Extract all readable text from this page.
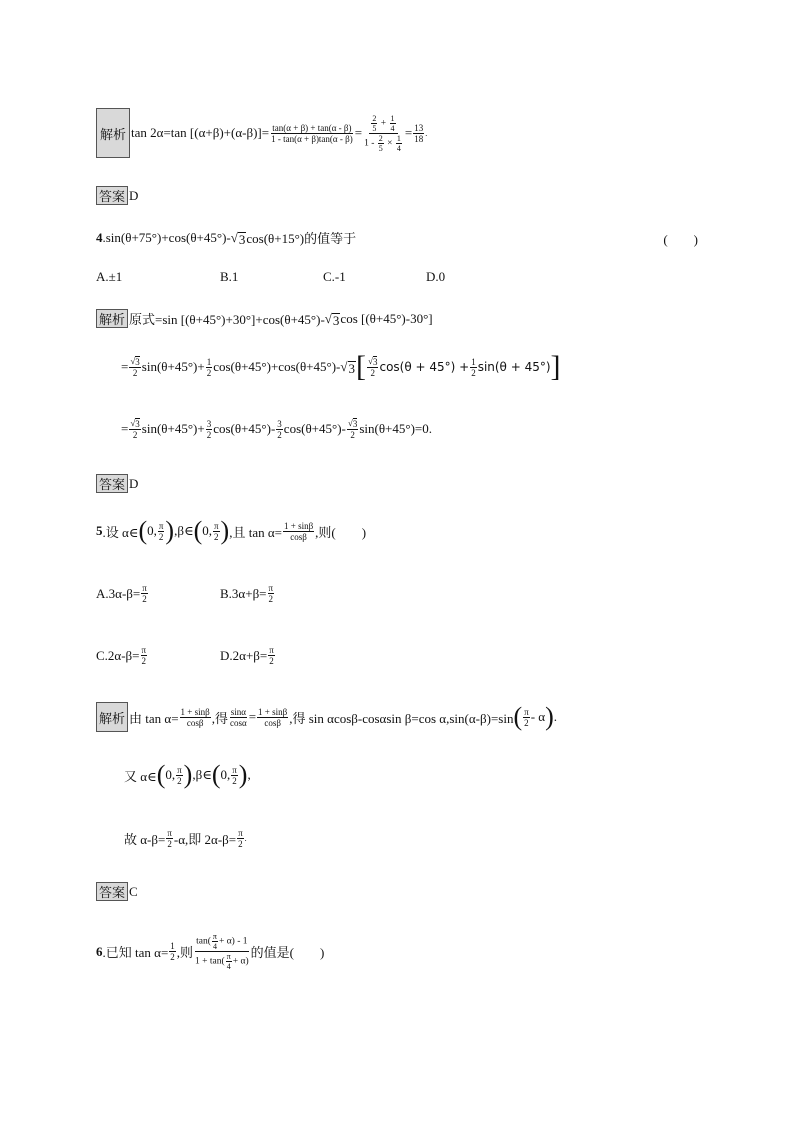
解析 tan 2α=tan $[(\alpha+\beta)+(\alpha-\beta)]= \frac{\tan(\alpha + \beta) + \tan(\alpha - \beta)}{1 - \tan(\alpha + \beta)\tan(\alpha - \beta)} = \frac{\frac{2}{5} + \frac{1}{4}}{1 - \frac{2}{5} \times \frac{1}{4}} = \frac{13}{18}$ .
答案 D
4 .sin(θ+75°)+cos(θ+45°)- √ 3 cos(θ+15°)的值等于	(　　)
A.±1	B.1	C.-1	D.0
解析 原式=sin [(θ+45°)+30°]+cos(θ+45°)- √ 3 cos [(θ+45°)-30°]
= $\frac{√ 3}{2} \sin(\theta+45^\circ)+ \frac{1}{2} \cos(\theta+45^\circ)+\cos(\theta+45^\circ)-$ √ 3 [ $\frac{√ 3}{2} \cos(\theta + 45^\circ) + \frac{1}{2} \sin(\theta + 45^\circ)$ ]
= $\frac{√ 3}{2} \sin(\theta+45^\circ)+ \frac{3}{2} \cos(\theta+45^\circ)- \frac{3}{2} \cos(\theta+45^\circ)- \frac{√ 3}{2} \sin(\theta+45^\circ)=0$.
答案 D
5 .设 α∈ ( 0, $\frac{\pi}{2}$ ) ,β∈ ( 0, $\frac{\pi}{2}$ ) ,且 $\tan \alpha= \frac{1 + \sin\beta}{\cos\beta}$ ,则(　　)
$A.3\alpha-\beta= \frac{\pi}{2}$	$B.3\alpha+\beta= \frac{\pi}{2}$
$C.2\alpha-\beta= \frac{\pi}{2}$	$D.2\alpha+\beta= \frac{\pi}{2}$
解析 由 $\tan \alpha= \frac{1 + \sin\beta}{\cos\beta}$ ,得 $\frac{\sin\alpha}{\cos\alpha} = \frac{1 + \sin\beta}{\cos\beta}$ ,得 sin αcosβ-cosαsin β=cos α,sin(α-β)=sin ( $\frac{\pi}{2}$ - α ) .
又 α∈ ( 0, $\frac{\pi}{2}$ ) ,β∈ ( 0, $\frac{\pi}{2}$ ) ,
故 $\alpha-\beta= \frac{\pi}{2} -\alpha$,即 $2\alpha-\beta= \frac{\pi}{2}$ .
答案 C
6 .已知 $\tan \alpha= \frac{1}{2}$ ,则 $\frac{\tan( \frac{\pi}{4} + \alpha) - 1}{1 + \tan( \frac{\pi}{4} + \alpha)}$ 的值是(　　)
